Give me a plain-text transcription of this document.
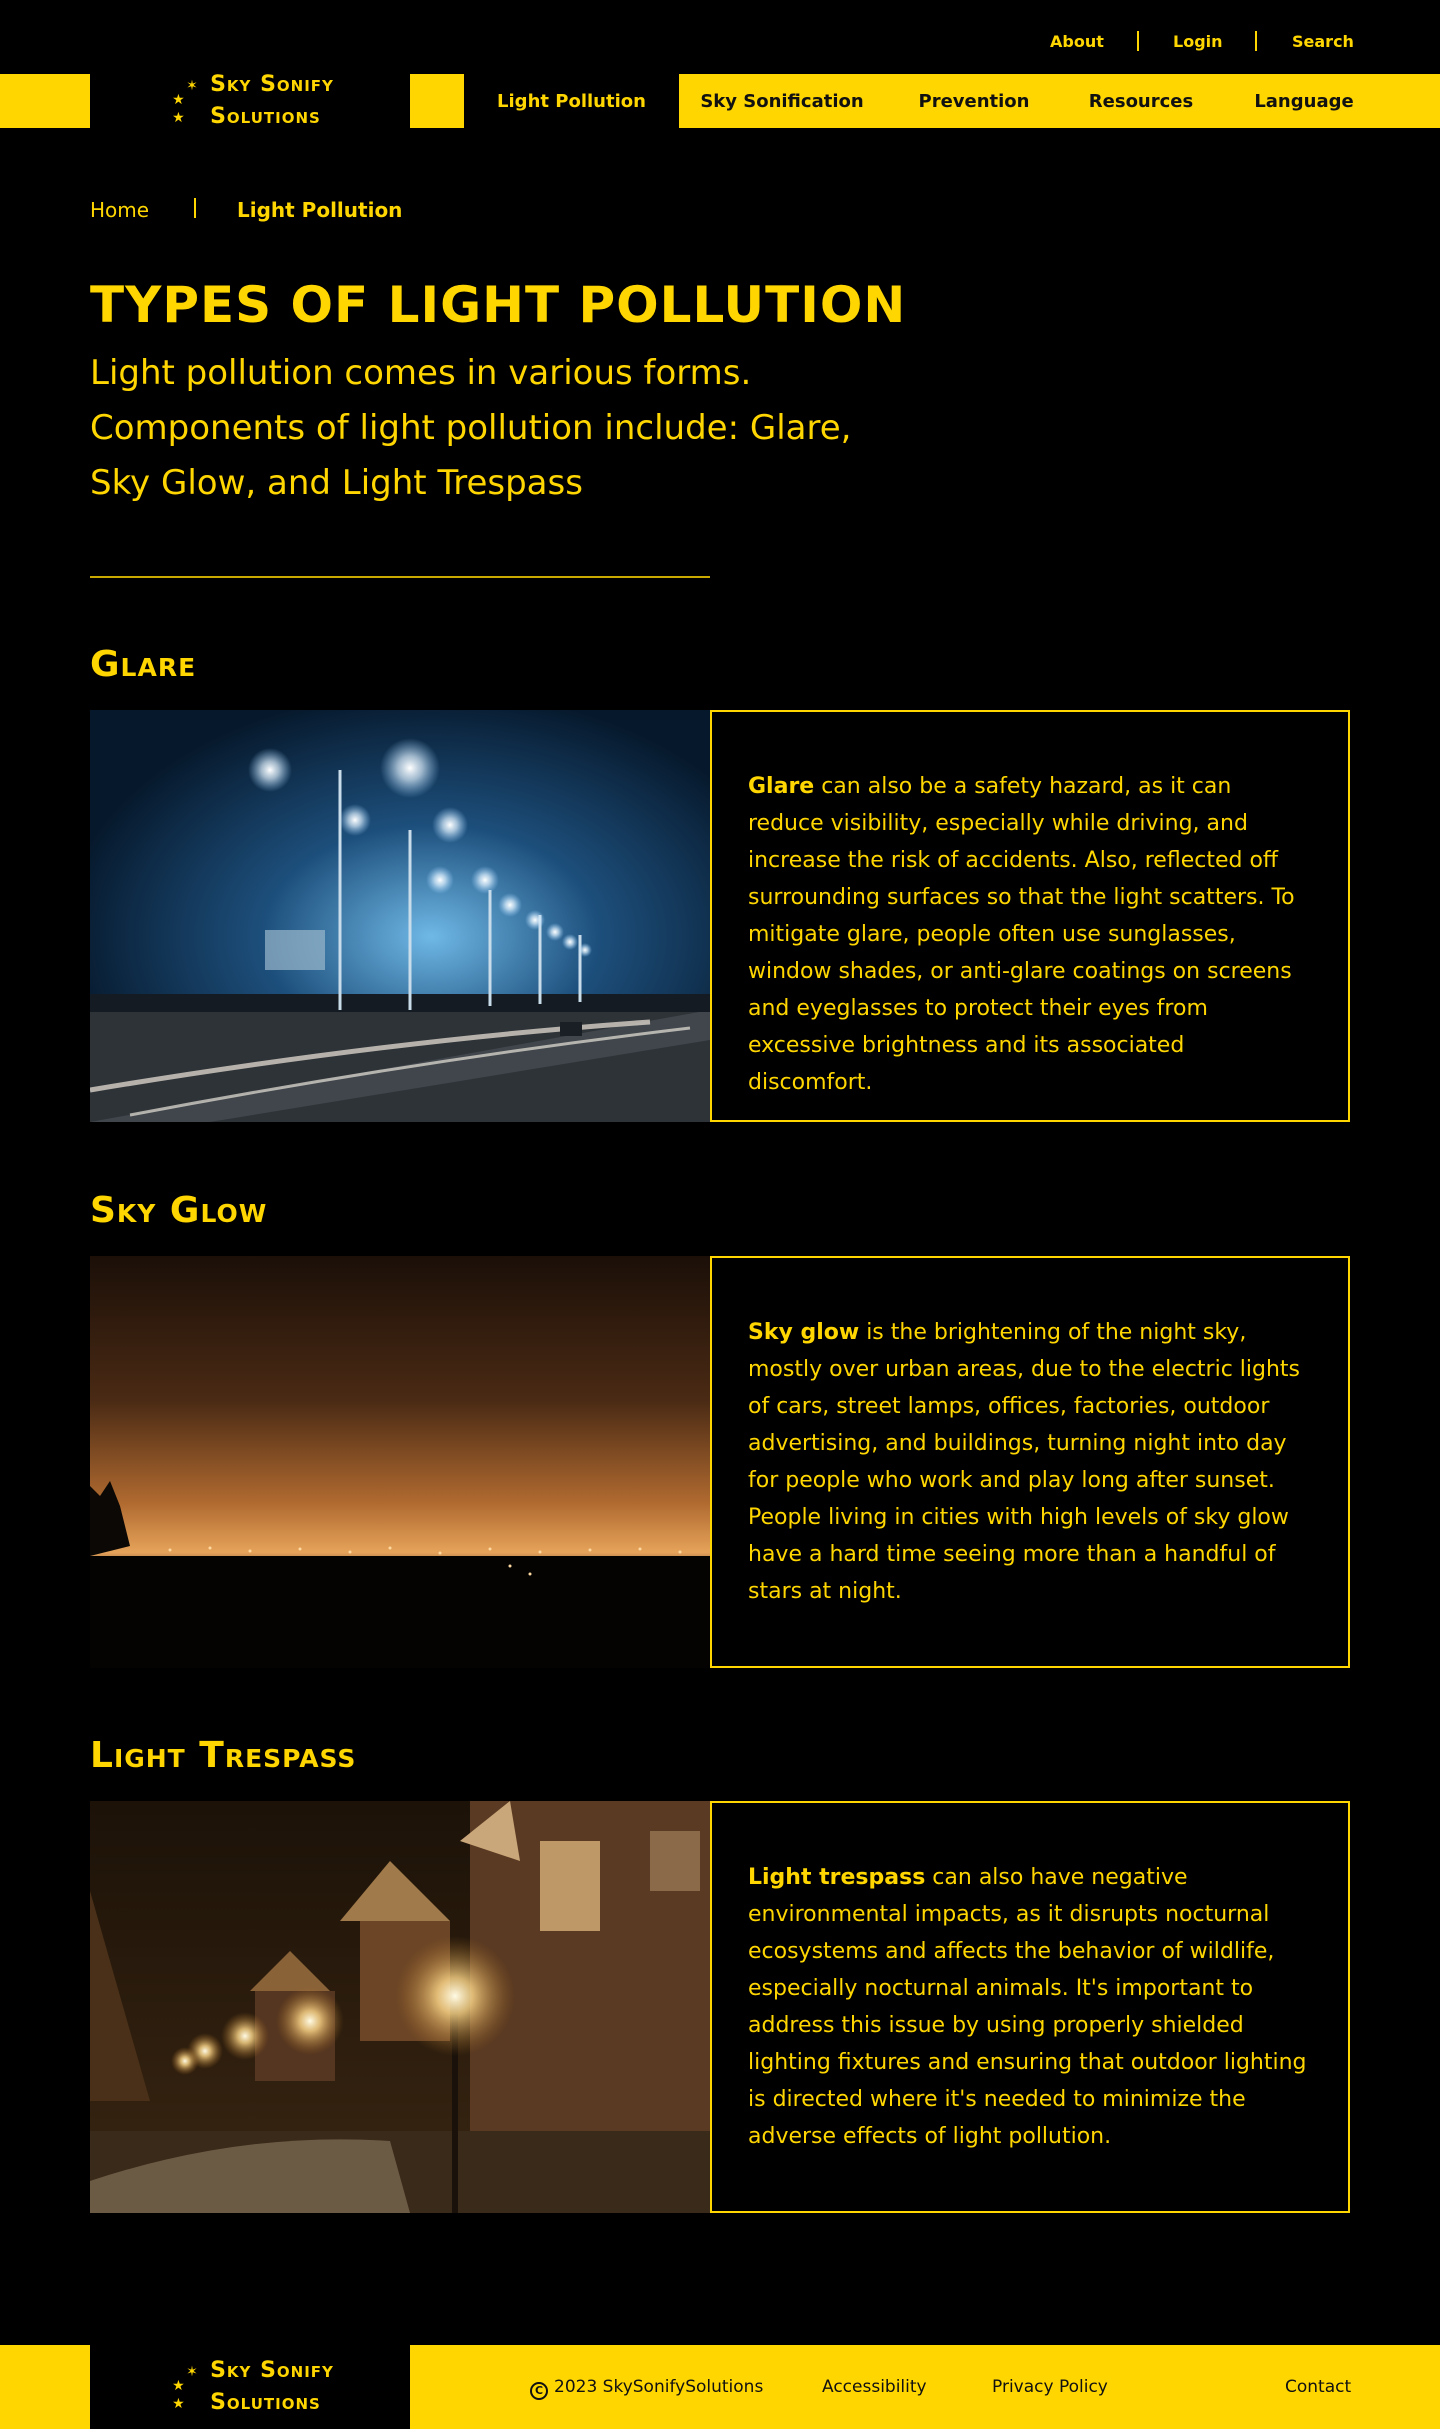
About	Login	Search
✶
★
★
Sky Sonify
Solutions
Light Pollution	Sky Sonification	Prevention	Resources	Language
Home	Light Pollution
TYPES OF LIGHT POLLUTION

Light pollution comes in various forms. Components of light pollution include: Glare, Sky Glow, and Light Trespass

Glare

Glare can also be a safety hazard, as it can reduce visibility, especially while driving, and increase the risk of accidents. Also, reflected off surrounding surfaces so that the light scatters. To mitigate glare, people often use sunglasses, window shades, or anti-glare coatings on screens and eyeglasses to protect their eyes from excessive brightness and its associated discomfort.

Sky Glow

Sky glow is the brightening of the night sky, mostly over urban areas, due to the electric lights of cars, street lamps, offices, factories, outdoor advertising, and buildings, turning night into day for people who work and play long after sunset. People living in cities with high levels of sky glow have a hard time seeing more than a handful of stars at night.

Light Trespass

Light trespass can also have negative environmental impacts, as it disrupts nocturnal ecosystems and affects the behavior of wildlife, especially nocturnal animals. It's important to address this issue by using properly shielded lighting fixtures and ensuring that outdoor lighting is directed where it's needed to minimize the adverse effects of light pollution.

✶
★
★
Sky Sonify
Solutions	C 2023 SkySonifySolutions	Accessibility	Privacy Policy	Contact
